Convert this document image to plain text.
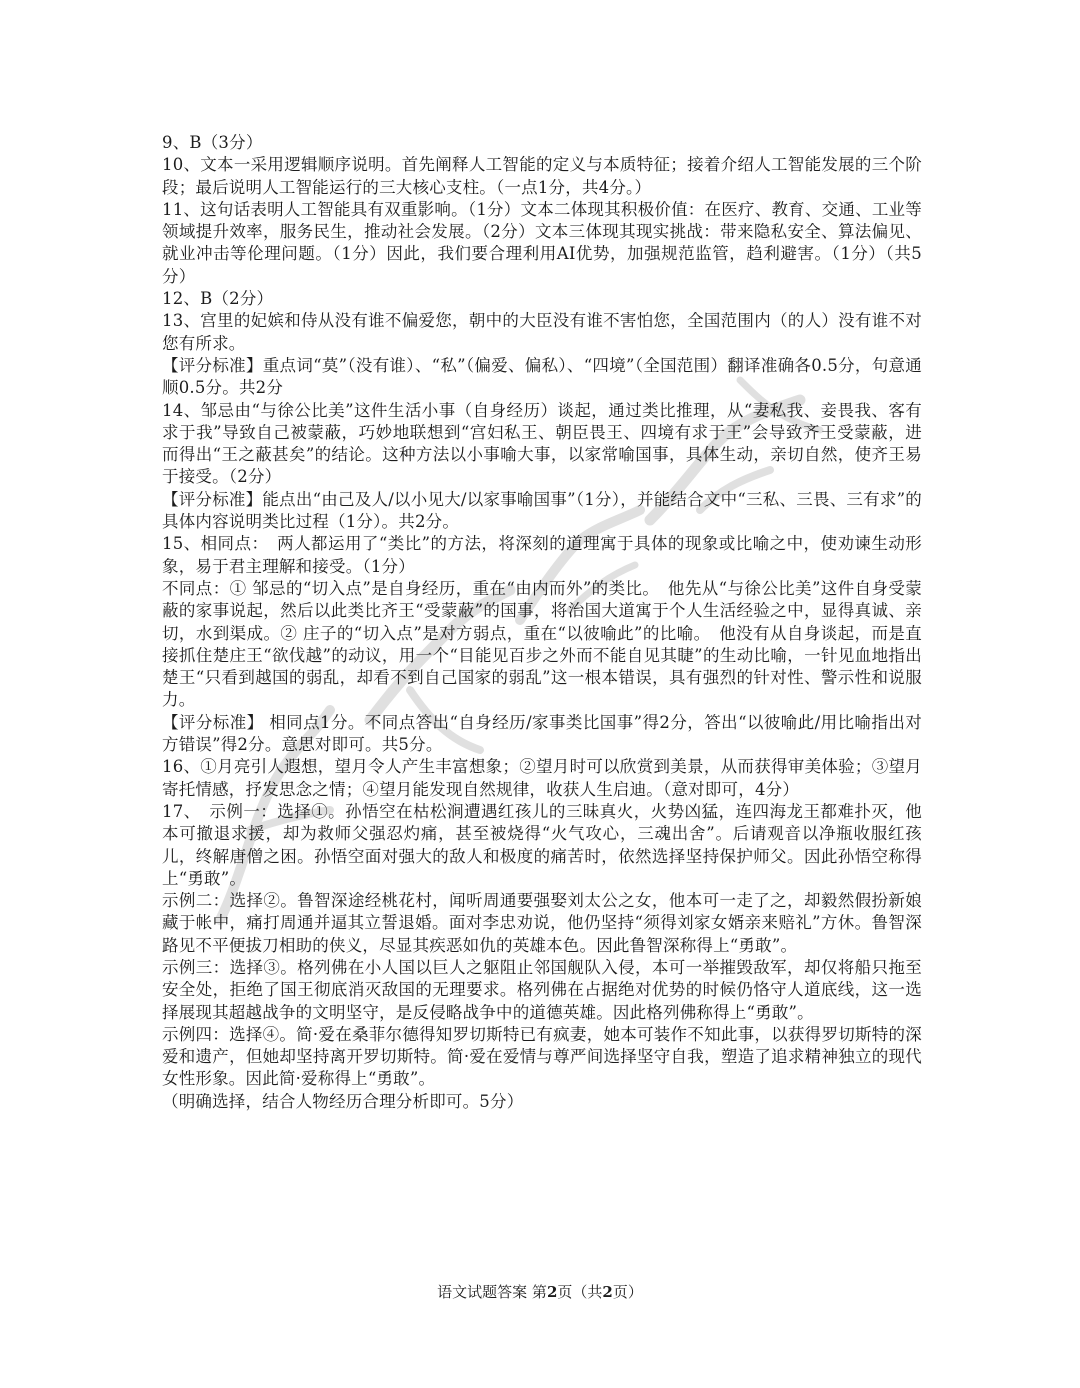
9、B（3分）

10、文本一采用逻辑顺序说明。首先阐释人工智能的定义与本质特征；接着介绍人工智能发展的三个阶段；最后说明人工智能运行的三大核心支柱。（一点1分，共4分。）

11、这句话表明人工智能具有双重影响。（1分）文本二体现其积极价值：在医疗、教育、交通、工业等领域提升效率，服务民生，推动社会发展。（2分）文本三体现其现实挑战：带来隐私安全、算法偏见、就业冲击等伦理问题。（1分）因此，我们要合理利用AI优势，加强规范监管，趋利避害。（1分）（共5分）

12、B（2分）

13、宫里的妃嫔和侍从没有谁不偏爱您，朝中的大臣没有谁不害怕您，全国范围内（的人）没有谁不对您有所求。

【评分标准】重点词“莫”（没有谁）、“私”（偏爱、偏私）、“四境”（全国范围）翻译准确各0.5分，句意通顺0.5分。共2分

14、邹忌由“与徐公比美”这件生活小事（自身经历）谈起，通过类比推理，从“妻私我、妾畏我、客有求于我”导致自己被蒙蔽，巧妙地联想到“宫妇私王、朝臣畏王、四境有求于王”会导致齐王受蒙蔽，进而得出“王之蔽甚矣”的结论。这种方法以小事喻大事，以家常喻国事，具体生动，亲切自然，使齐王易于接受。（2分）

【评分标准】能点出“由己及人/以小见大/以家事喻国事”（1分），并能结合文中“三私、三畏、三有求”的具体内容说明类比过程（1分）。共2分。

15、相同点：　两人都运用了“类比”的方法，将深刻的道理寓于具体的现象或比喻之中，使劝谏生动形象，易于君主理解和接受。（1分）

不同点：① 邹忌的“切入点”是自身经历，重在“由内而外”的类比。　他先从“与徐公比美”这件自身受蒙蔽的家事说起，然后以此类比齐王“受蒙蔽”的国事，将治国大道寓于个人生活经验之中，显得真诚、亲切，水到渠成。② 庄子的“切入点”是对方弱点，重在“以彼喻此”的比喻。　他没有从自身谈起，而是直接抓住楚庄王“欲伐越”的动议，用一个“目能见百步之外而不能自见其睫”的生动比喻，一针见血地指出楚王“只看到越国的弱乱，却看不到自己国家的弱乱”这一根本错误，具有强烈的针对性、警示性和说服力。

【评分标准】 相同点1分。不同点答出“自身经历/家事类比国事”得2分，答出“以彼喻此/用比喻指出对方错误”得2分。意思对即可。共5分。

16、①月亮引人遐想，望月令人产生丰富想象；②望月时可以欣赏到美景，从而获得审美体验；③望月寄托情感，抒发思念之情；④望月能发现自然规律，收获人生启迪。（意对即可，4分）

17、　示例一：选择①。孙悟空在枯松涧遭遇红孩儿的三昧真火，火势凶猛，连四海龙王都难扑灭，他本可撤退求援，却为救师父强忍灼痛，甚至被烧得“火气攻心，三魂出舍”。后请观音以净瓶收服红孩儿，终解唐僧之困。孙悟空面对强大的敌人和极度的痛苦时，依然选择坚持保护师父。因此孙悟空称得上“勇敢”。

示例二：选择②。鲁智深途经桃花村，闻听周通要强娶刘太公之女，他本可一走了之，却毅然假扮新娘藏于帐中，痛打周通并逼其立誓退婚。面对李忠劝说，他仍坚持“须得刘家女婿亲来赔礼”方休。鲁智深路见不平便拔刀相助的侠义，尽显其疾恶如仇的英雄本色。因此鲁智深称得上“勇敢”。

示例三：选择③。格列佛在小人国以巨人之躯阻止邻国舰队入侵，本可一举摧毁敌军，却仅将船只拖至安全处，拒绝了国王彻底消灭敌国的无理要求。格列佛在占据绝对优势的时候仍恪守人道底线，这一选择展现其超越战争的文明坚守，是反侵略战争中的道德英雄。因此格列佛称得上“勇敢”。

示例四：选择④。简·爱在桑菲尔德得知罗切斯特已有疯妻，她本可装作不知此事，以获得罗切斯特的深爱和遗产，但她却坚持离开罗切斯特。简·爱在爱情与尊严间选择坚守自我，塑造了追求精神独立的现代女性形象。因此简·爱称得上“勇敢”。

（明确选择，结合人物经历合理分析即可。5分）

语文试题答案 第2页（共2页）
